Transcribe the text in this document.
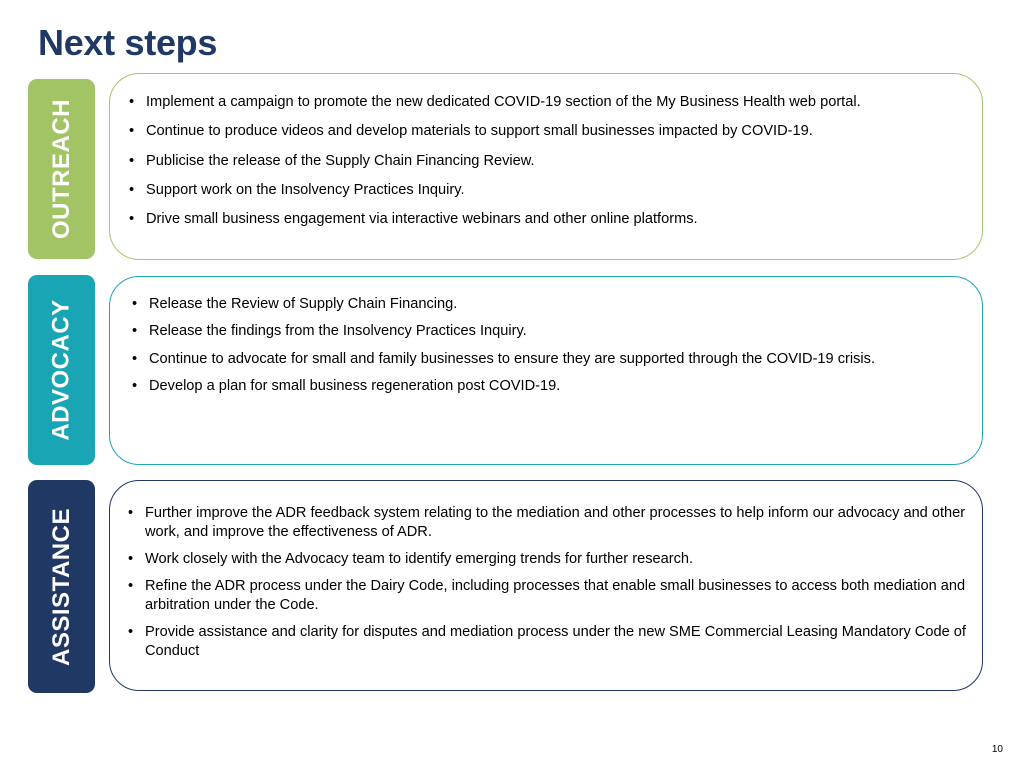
Next steps
OUTREACH	• Implement a campaign to promote the new dedicated COVID-19 section of the My Business Health web portal.
• Continue to produce videos and develop materials to support small businesses impacted by COVID-19.
• Publicise the release of the Supply Chain Financing Review.
• Support work on the Insolvency Practices Inquiry.
• Drive small business engagement via interactive webinars and other online platforms.
ADVOCACY	• Release the Review of Supply Chain Financing.
• Release the findings from the Insolvency Practices Inquiry.
• Continue to advocate for small and family businesses to ensure they are supported through the COVID-19 crisis.
• Develop a plan for small business regeneration post COVID-19.
ASSISTANCE	• Further improve the ADR feedback system relating to the mediation and other processes to help inform our advocacy and other work, and improve the effectiveness of ADR.
• Work closely with the Advocacy team to identify emerging trends for further research.
• Refine the ADR process under the Dairy Code, including processes that enable small businesses to access both mediation and arbitration under the Code.
• Provide assistance and clarity for disputes and mediation process under the new SME Commercial Leasing Mandatory Code of Conduct
10
